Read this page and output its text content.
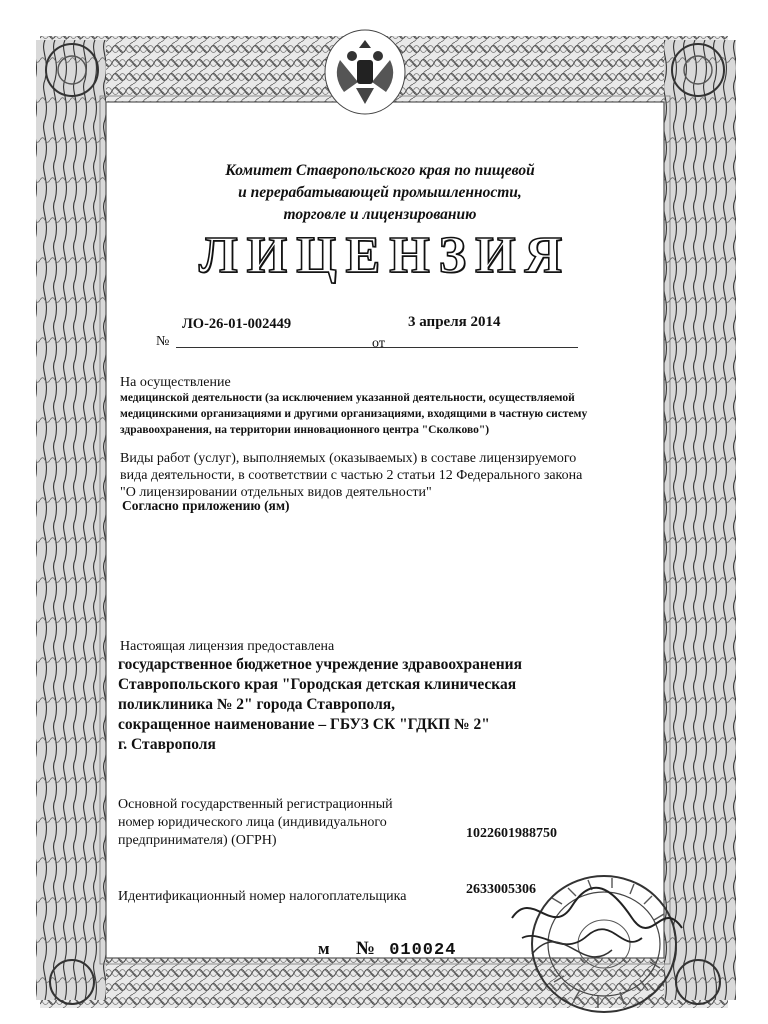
Комитет Ставропольского края по пищевой
и перерабатывающей промышленности,
торговле и лицензированию
ЛИЦЕНЗИЯ
№
ЛО-26-01-002449
от
3 апреля 2014
На осуществление
медицинской деятельности (за исключением указанной деятельности, осуществляемой
медицинскими организациями и другими организациями, входящими в частную систему
здравоохранения, на территории инновационного центра "Сколково")
Виды работ (услуг), выполняемых (оказываемых) в составе лицензируемого
вида деятельности, в соответствии с частью 2 статьи 12 Федерального закона
"О лицензировании отдельных видов деятельности"
Согласно приложению (ям)
Настоящая лицензия предоставлена
государственное бюджетное учреждение здравоохранения
Ставропольского края "Городская детская клиническая
поликлиника № 2" города Ставрополя,
сокращенное наименование – ГБУЗ СК "ГДКП № 2"
г. Ставрополя
Основной государственный регистрационный
номер юридического лица (индивидуального
предпринимателя) (ОГРН)	1022601988750
Идентификационный номер налогоплательщика	2633005306
м № 010024
